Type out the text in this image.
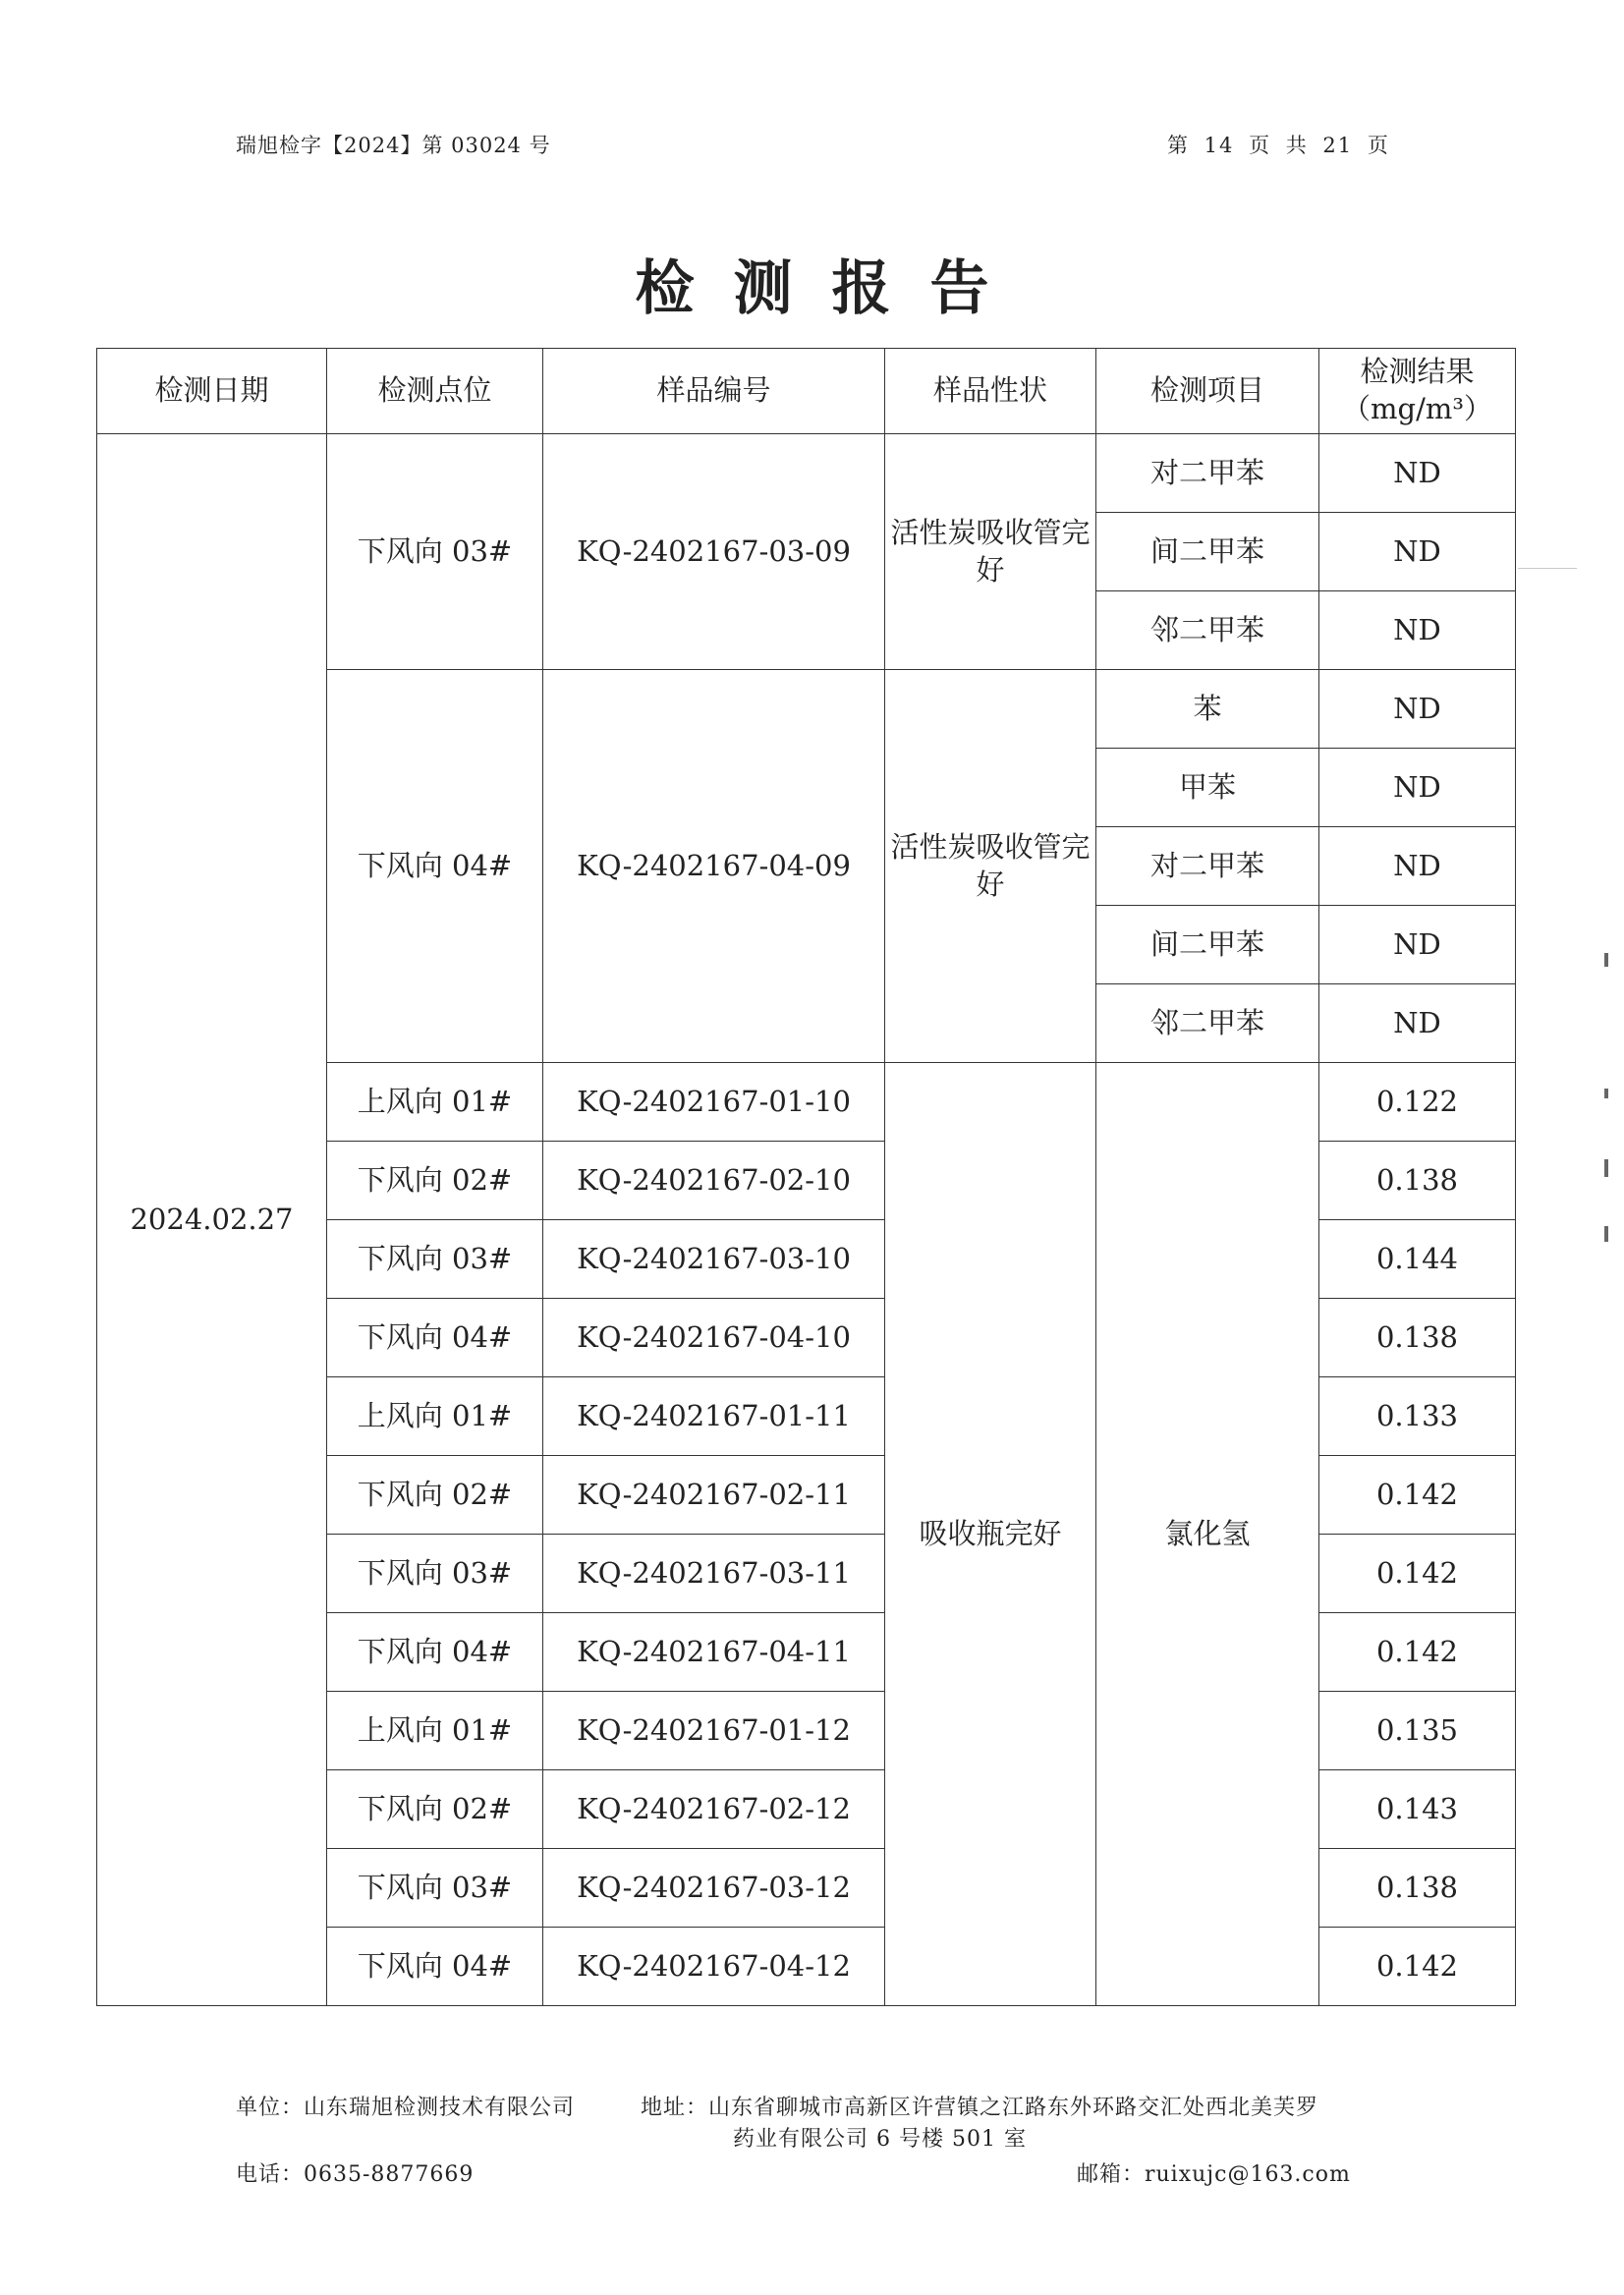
瑞旭检字【2024】第 03024 号	第 14 页 共 21 页
检测报告
检测日期	检测点位	样品编号	样品性状	检测项目	检测结果
（mg/m³）
2024.02.27	下风向 03#	KQ-2402167-03-09	活性炭吸收管完好	对二甲苯	ND
				间二甲苯	ND
				邻二甲苯	ND
	下风向 04#	KQ-2402167-04-09	活性炭吸收管完好	苯	ND
				甲苯	ND
				对二甲苯	ND
				间二甲苯	ND
				邻二甲苯	ND
	上风向 01#	KQ-2402167-01-10	吸收瓶完好	氯化氢	0.122
	下风向 02#	KQ-2402167-02-10			0.138
	下风向 03#	KQ-2402167-03-10			0.144
	下风向 04#	KQ-2402167-04-10			0.138
	上风向 01#	KQ-2402167-01-11			0.133
	下风向 02#	KQ-2402167-02-11			0.142
	下风向 03#	KQ-2402167-03-11			0.142
	下风向 04#	KQ-2402167-04-11			0.142
	上风向 01#	KQ-2402167-01-12			0.135
	下风向 02#	KQ-2402167-02-12			0.143
	下风向 03#	KQ-2402167-03-12			0.138
	下风向 04#	KQ-2402167-04-12			0.142
单位：山东瑞旭检测技术有限公司	地址：山东省聊城市高新区许营镇之江路东外环路交汇处西北美芙罗
药业有限公司 6 号楼 501 室
电话：0635-8877669	邮箱：ruixujc@163.com
